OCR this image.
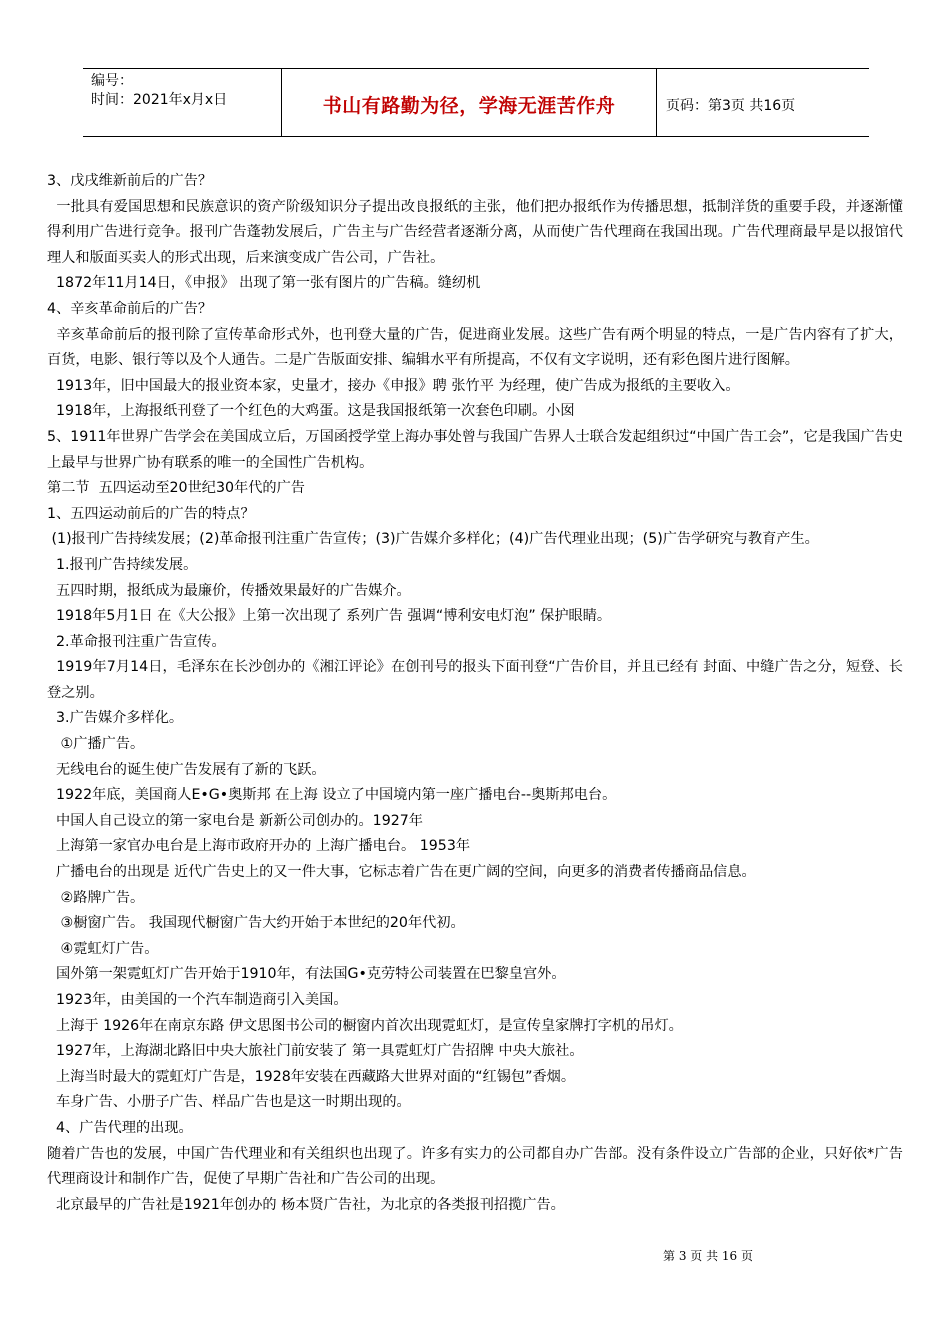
编号：
时间：2021年x月x日	书山有路勤为径，学海无涯苦作舟	页码：第3页 共16页

3、戊戌维新前后的广告？

一批具有爱国思想和民族意识的资产阶级知识分子提出改良报纸的主张，他们把办报纸作为传播思想，抵制洋货的重要手段，并逐渐懂得利用广告进行竞争。报刊广告蓬勃发展后，广告主与广告经营者逐渐分离，从而使广告代理商在我国出现。广告代理商最早是以报馆代理人和版面买卖人的形式出现，后来演变成广告公司，广告社。

1872年11月14日，《申报》 出现了第一张有图片的广告稿。缝纫机

4、辛亥革命前后的广告？

辛亥革命前后的报刊除了宣传革命形式外，也刊登大量的广告，促进商业发展。这些广告有两个明显的特点，一是广告内容有了扩大，百货，电影、银行等以及个人通告。二是广告版面安排、编辑水平有所提高，不仅有文字说明，还有彩色图片进行图解。

1913年，旧中国最大的报业资本家，史量才，接办《申报》聘 张竹平 为经理，使广告成为报纸的主要收入。

1918年，上海报纸刊登了一个红色的大鸡蛋。这是我国报纸第一次套色印刷。小囡

5、1911年世界广告学会在美国成立后，万国函授学堂上海办事处曾与我国广告界人士联合发起组织过“中国广告工会”，它是我国广告史上最早与世界广协有联系的唯一的全国性广告机构。

第二节  五四运动至20世纪30年代的广告

1、五四运动前后的广告的特点？

(1)报刊广告持续发展；(2)革命报刊注重广告宣传；(3)广告媒介多样化；(4)广告代理业出现；(5)广告学研究与教育产生。

1.报刊广告持续发展。

五四时期，报纸成为最廉价，传播效果最好的广告媒介。

1918年5月1日 在《大公报》上第一次出现了 系列广告 强调“博利安电灯泡” 保护眼睛。

2.革命报刊注重广告宣传。

1919年7月14日，毛泽东在长沙创办的《湘江评论》在创刊号的报头下面刊登“广告价目，并且已经有 封面、中缝广告之分，短登、长登之别。

3.广告媒介多样化。

①广播广告。

无线电台的诞生使广告发展有了新的飞跃。

1922年底，美国商人E•G•奥斯邦 在上海 设立了中国境内第一座广播电台--奥斯邦电台。

中国人自己设立的第一家电台是 新新公司创办的。1927年

上海第一家官办电台是上海市政府开办的 上海广播电台。 1953年

广播电台的出现是 近代广告史上的又一件大事，它标志着广告在更广阔的空间，向更多的消费者传播商品信息。

②路牌广告。

③橱窗广告。 我国现代橱窗广告大约开始于本世纪的20年代初。

④霓虹灯广告。

国外第一架霓虹灯广告开始于1910年，有法国G•克劳特公司装置在巴黎皇宫外。

1923年，由美国的一个汽车制造商引入美国。

上海于 1926年在南京东路 伊文思图书公司的橱窗内首次出现霓虹灯，是宣传皇家牌打字机的吊灯。

1927年，上海湖北路旧中央大旅社门前安装了 第一具霓虹灯广告招牌 中央大旅社。

上海当时最大的霓虹灯广告是，1928年安装在西藏路大世界对面的“红锡包”香烟。

车身广告、小册子广告、样品广告也是这一时期出现的。

4、广告代理的出现。

随着广告也的发展，中国广告代理业和有关组织也出现了。许多有实力的公司都自办广告部。没有条件设立广告部的企业，只好依*广告代理商设计和制作广告，促使了早期广告社和广告公司的出现。

北京最早的广告社是1921年创办的 杨本贤广告社，为北京的各类报刊招揽广告。

第 3 页 共 16 页
